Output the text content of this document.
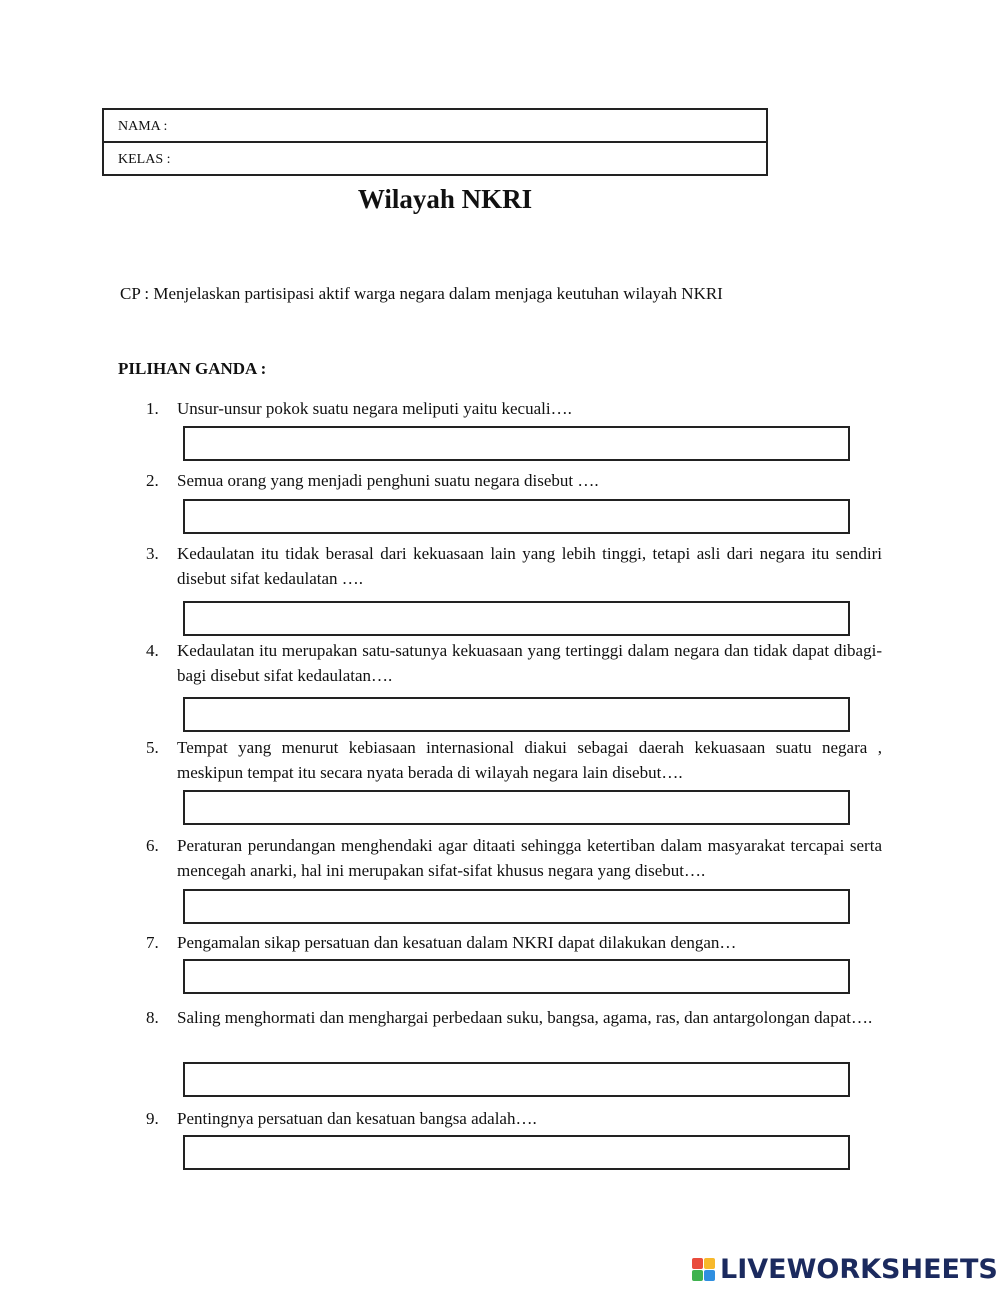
NAMA :
KELAS :
Wilayah NKRI
CP : Menjelaskan partisipasi aktif warga negara dalam menjaga keutuhan wilayah NKRI
PILIHAN GANDA :
1. Unsur-unsur pokok suatu negara meliputi yaitu kecuali….
2. Semua orang yang menjadi penghuni suatu negara disebut ….
3. Kedaulatan itu tidak berasal dari kekuasaan lain yang lebih tinggi, tetapi asli dari negara itu sendiri disebut sifat kedaulatan ….
4. Kedaulatan itu merupakan satu-satunya kekuasaan yang tertinggi dalam negara dan tidak dapat dibagi-bagi disebut sifat kedaulatan….
5. Tempat yang menurut kebiasaan internasional diakui sebagai daerah kekuasaan suatu negara , meskipun tempat itu secara nyata berada di wilayah negara lain disebut….
6. Peraturan perundangan menghendaki agar ditaati sehingga ketertiban dalam masyarakat tercapai serta mencegah anarki, hal ini merupakan sifat-sifat khusus negara yang disebut….
7. Pengamalan sikap persatuan dan kesatuan dalam NKRI dapat dilakukan dengan…
8. Saling menghormati dan menghargai perbedaan suku, bangsa, agama, ras, dan antargolongan dapat….
9. Pentingnya persatuan dan kesatuan bangsa adalah….
LIVEWORKSHEETS
